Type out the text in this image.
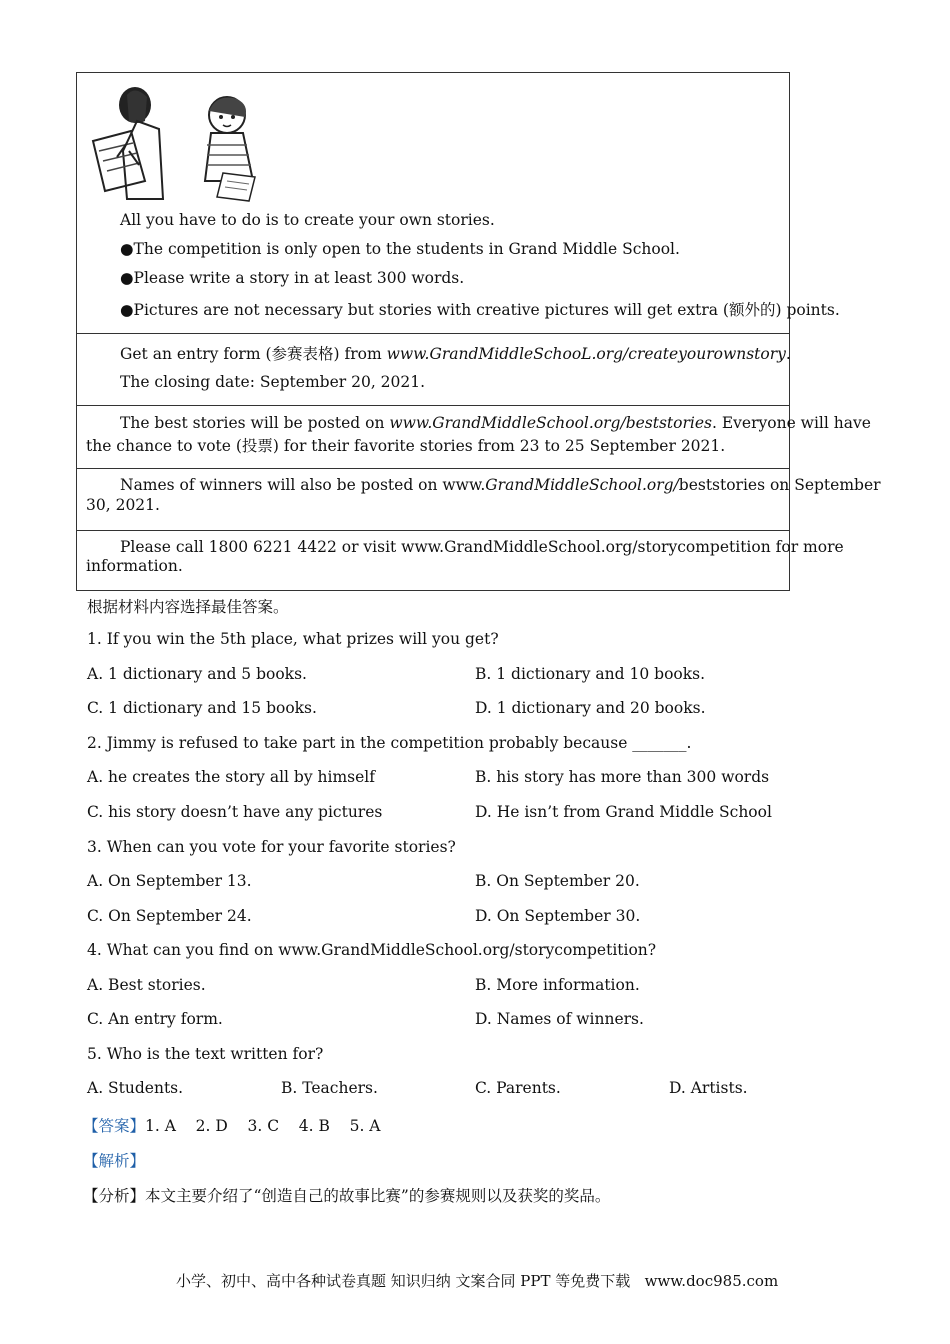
All you have to do is to create your own stories.
●The competition is only open to the students in Grand Middle School.
●Please write a story in at least 300 words.
●Pictures are not necessary but stories with creative pictures will get extra (额外的) points.
Get an entry form (参赛表格) from www.GrandMiddleSchooL.org/createyourownstory.
The closing date: September 20, 2021.
The best stories will be posted on www.GrandMiddleSchool.org/beststories. Everyone will have
the chance to vote (投票) for their favorite stories from 23 to 25 September 2021.
Names of winners will also be posted on www.GrandMiddleSchool.org/beststories on September
30, 2021.
Please call 1800 6221 4422 or visit www.GrandMiddleSchool.org/storycompetition for more
information.
根据材料内容选择最佳答案。
1. If you win the 5th place, what prizes will you get?
A. 1 dictionary and 5 books.	B. 1 dictionary and 10 books.
C. 1 dictionary and 15 books.	D. 1 dictionary and 20 books.
2. Jimmy is refused to take part in the competition probably because _______.
A. he creates the story all by himself	B. his story has more than 300 words
C. his story doesn’t have any pictures	D. He isn’t from Grand Middle School
3. When can you vote for your favorite stories?
A. On September 13.	B. On September 20.
C. On September 24.	D. On September 30.
4. What can you find on www.GrandMiddleSchool.org/storycompetition?
A. Best stories.	B. More information.
C. An entry form.	D. Names of winners.
5. Who is the text written for?
A. Students.	B. Teachers.	C. Parents.	D. Artists.
【答案】1. A    2. D    3. C    4. B    5. A
【解析】
【分析】本文主要介绍了“创造自己的故事比赛”的参赛规则以及获奖的奖品。
小学、初中、高中各种试卷真题 知识归纳 文案合同 PPT 等免费下载   www.doc985.com
